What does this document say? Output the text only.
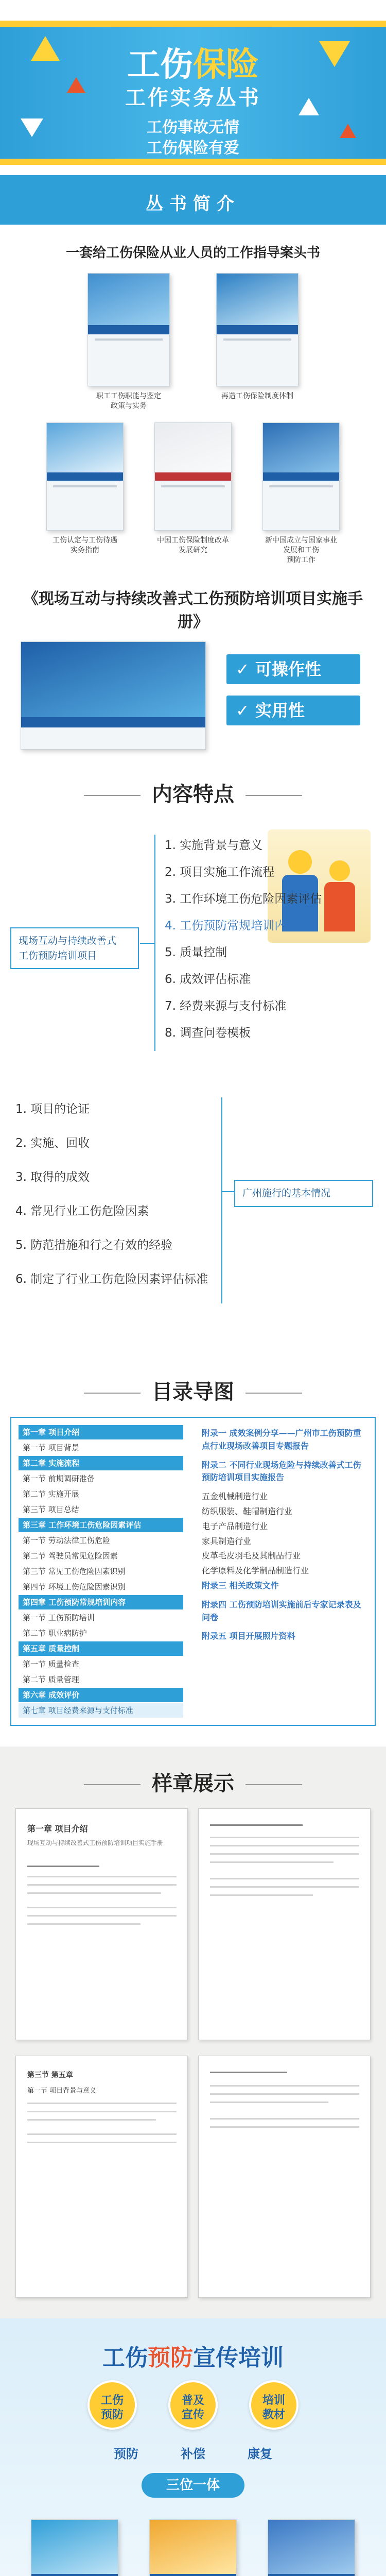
工伤保险
工作实务丛书
工伤事故无情
工伤保险有爱
丛书简介
一套给工伤保险从业人员的工作指导案头书
职工工伤职能与鉴定
政策与实务
再造工伤保险制度体制
工伤认定与工伤待遇
实务指南
中国工伤保险制度改革
发展研究
新中国成立与国家事业
发展和工伤
预防工作
《现场互动与持续改善式工伤预防培训项目实施手册》
✓ 可操作性
✓ 实用性
内容特点
现场互动与持续改善式
工伤预防培训项目
1. 实施背景与意义
2. 项目实施工作流程
3. 工作环境工伤危险因素评估
4. 工伤预防常规培训内容
5. 质量控制
6. 成效评估标准
7. 经费来源与支付标准
8. 调查问卷模板
广州施行的基本情况
1. 项目的论证
2. 实施、回收
3. 取得的成效
4. 常见行业工伤危险因素
5. 防范措施和行之有效的经验
6. 制定了行业工伤危险因素评估标准
目录导图
第一章 项目介绍
第一节 项目背景
第二章 实施流程
第一节 前期调研准备
第二节 实施开展
第三节 项目总结
第三章 工作环境工伤危险因素评估
第一节 劳动法律工伤危险
第二节 驾驶员常见危险因素
第三节 常见工伤危险因素识别
第四节 环境工伤危险因素识别
第四章 工伤预防常规培训内容
第一节 工伤预防培训
第二节 职业病防护
第五章 质量控制
第一节 质量检查
第二节 质量管理
第六章 成效评价
第七章 项目经费来源与支付标准
附录一 成效案例分享——广州市工伤预防重点行业现场改善项目专题报告
附录二 不同行业现场危险与持续改善式工伤预防培训项目实施报告
五金机械制造行业
纺织服装、鞋帽制造行业
电子产品制造行业
家具制造行业
皮革毛皮羽毛及其制品行业
化学原料及化学制品制造行业
附录三 相关政策文件
附录四 工伤预防培训实施前后专家记录表及问卷
附录五 项目开展照片资料
样章展示
第一章 项目介绍
现场互动与持续改善式工伤预防培训项目实施手册
第三节 第五章
第一节 项目背景与意义
工伤预防宣传培训
工伤
预防
普及
宣传
培训
教材
预防	补偿	康复
三位一体
